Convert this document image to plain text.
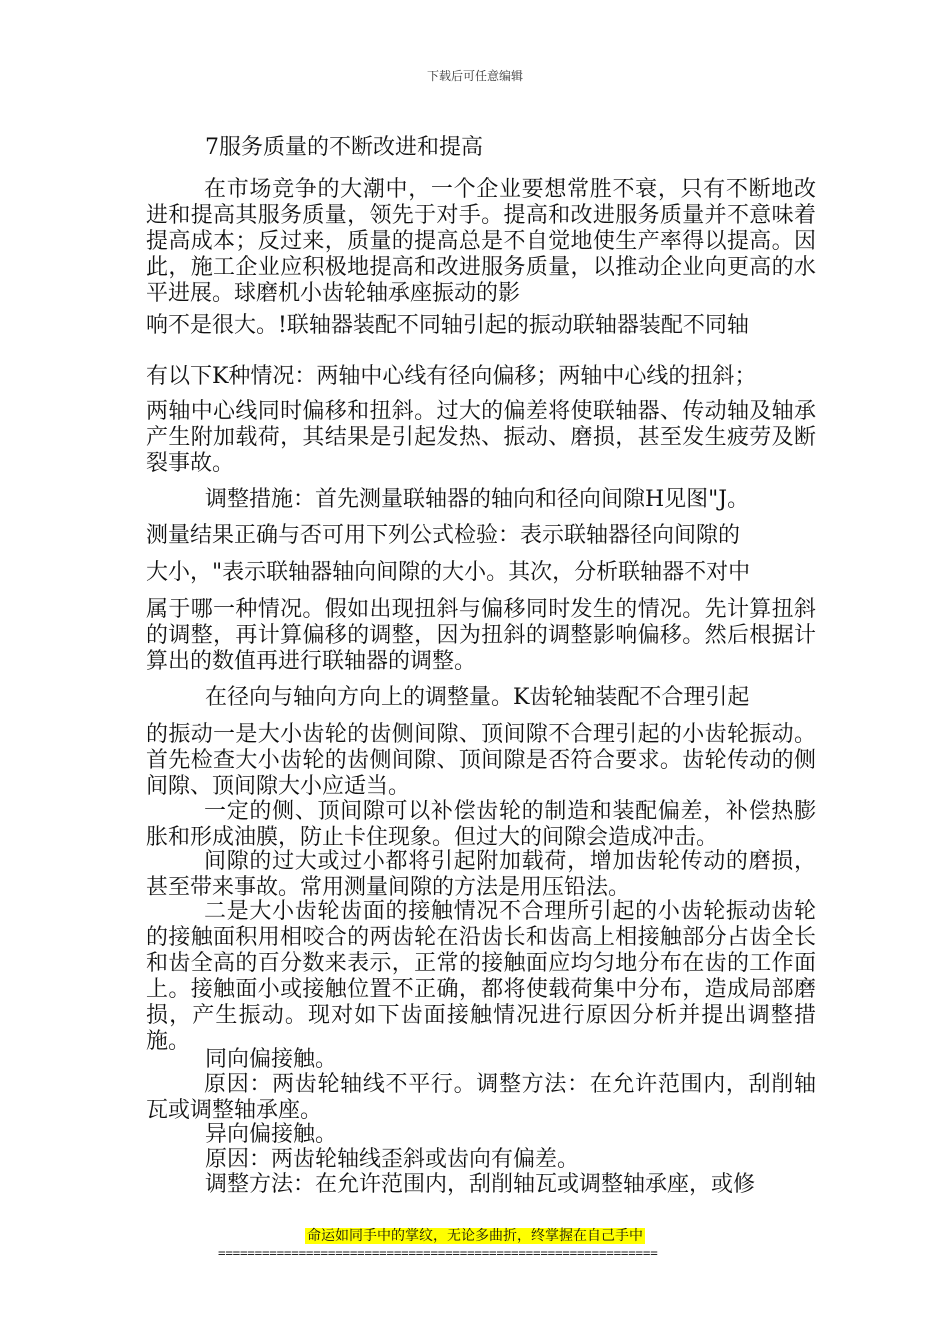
下载后可任意编辑
7服务质量的不断改进和提高

在市场竞争的大潮中，一个企业要想常胜不衰，只有不断地改进和提高其服务质量，领先于对手。提高和改进服务质量并不意味着提高成本；反过来，质量的提高总是不自觉地使生产率得以提高。因此，施工企业应积极地提高和改进服务质量，以推动企业向更高的水平进展。球磨机小齿轮轴承座振动的影

响不是很大。!联轴器装配不同轴引起的振动联轴器装配不同轴
有以下K种情况：两轴中心线有径向偏移；两轴中心线的扭斜；

两轴中心线同时偏移和扭斜。过大的偏差将使联轴器、传动轴及轴承产生附加载荷，其结果是引起发热、振动、磨损，甚至发生疲劳及断裂事故。

调整措施：首先测量联轴器的轴向和径向间隙H见图"J。
测量结果正确与否可用下列公式检验：表示联轴器径向间隙的
大小，"表示联轴器轴向间隙的大小。其次，分析联轴器不对中

属于哪一种情况。假如出现扭斜与偏移同时发生的情况。先计算扭斜的调整，再计算偏移的调整，因为扭斜的调整影响偏移。然后根据计算出的数值再进行联轴器的调整。

在径向与轴向方向上的调整量。K齿轮轴装配不合理引起

的振动一是大小齿轮的齿侧间隙、顶间隙不合理引起的小齿轮振动。首先检查大小齿轮的齿侧间隙、顶间隙是否符合要求。齿轮传动的侧间隙、顶间隙大小应适当。

一定的侧、顶间隙可以补偿齿轮的制造和装配偏差，补偿热膨胀和形成油膜，防止卡住现象。但过大的间隙会造成冲击。

间隙的过大或过小都将引起附加载荷，增加齿轮传动的磨损，甚至带来事故。常用测量间隙的方法是用压铅法。

二是大小齿轮齿面的接触情况不合理所引起的小齿轮振动齿轮的接触面积用相咬合的两齿轮在沿齿长和齿高上相接触部分占齿全长和齿全高的百分数来表示，正常的接触面应均匀地分布在齿的工作面上。接触面小或接触位置不正确，都将使载荷集中分布，造成局部磨损，产生振动。现对如下齿面接触情况进行原因分析并提出调整措施。

同向偏接触。

原因：两齿轮轴线不平行。调整方法：在允许范围内，刮削轴瓦或调整轴承座。

异向偏接触。
原因：两齿轮轴线歪斜或齿向有偏差。
调整方法：在允许范围内，刮削轴瓦或调整轴承座，或修
命运如同手中的掌纹，无论多曲折，终掌握在自己手中
============================================================
